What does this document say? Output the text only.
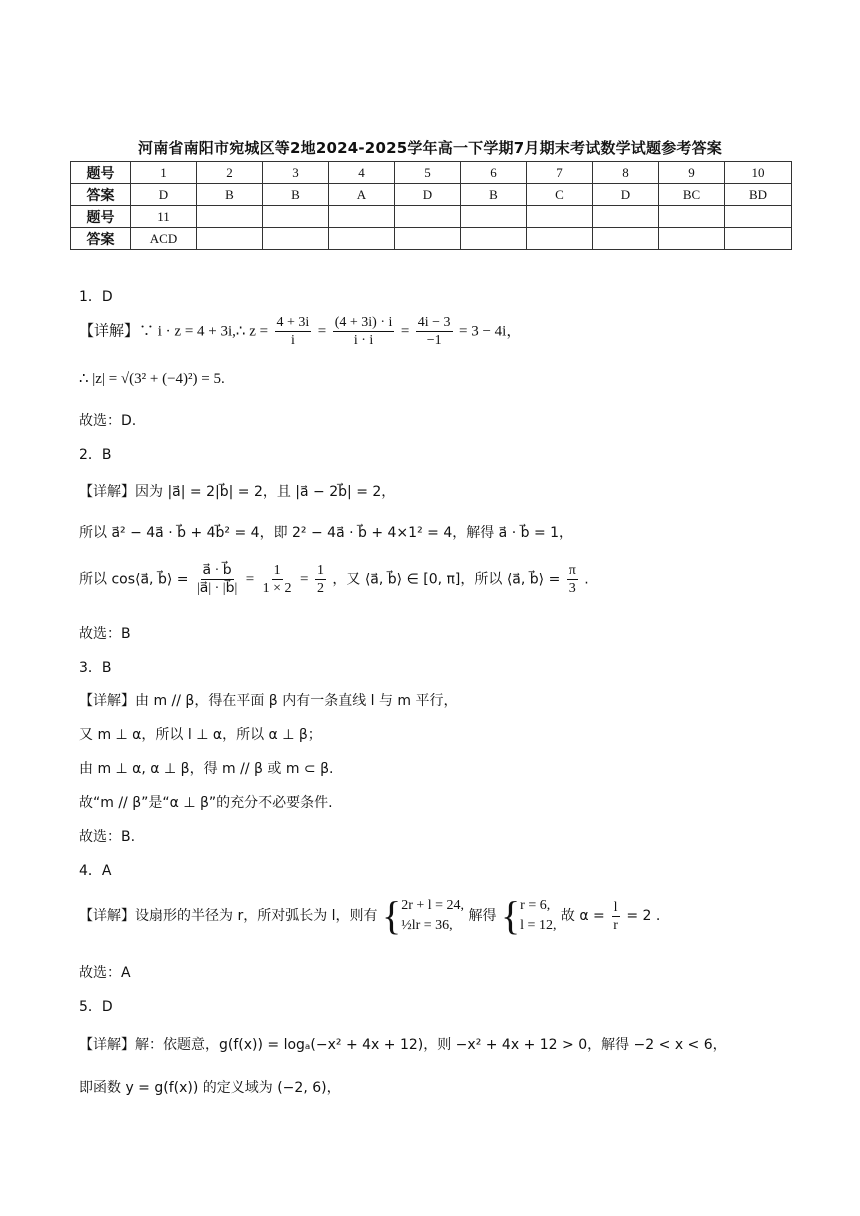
河南省南阳市宛城区等2地2024-2025学年高一下学期7月期末考试数学试题参考答案
题号	1	2	3	4	5	6	7	8	9	10
答案	D	B	B	A	D	B	C	D	BC	BD
题号	11									
答案	ACD									
1．D
【详解】∵ i · z = 4 + 3i,∴ $z = \frac{4 + 3i}{i} = \frac{(4 + 3i) \cdot i}{i \cdot i} = \frac{4i - 3}{-1} = 3 - 4i$，
∴ |z| = √(3² + (−4)²) = 5.
故选：D.
2．B
【详解】因为 |a⃗| = 2|b⃗| = 2，且 |a⃗ − 2b⃗| = 2，
所以 a⃗² − 4a⃗ · b⃗ + 4b⃗² = 4，即 2² − 4a⃗ · b⃗ + 4×1² = 4，解得 a⃗ · b⃗ = 1，
所以 cos⟨a⃗, b⃗⟩ = $\frac{a⃗ \cdot b⃗}{|a⃗| \cdot |b⃗|} = \frac{1}{1 \times 2} = \frac{1}{2}$ ，又 ⟨a⃗, b⃗⟩ ∈ [0, π]，所以 ⟨a⃗, b⃗⟩ = $\frac{\pi}{3}$ .
故选：B
3．B
【详解】由 m // β，得在平面 β 内有一条直线 l 与 m 平行，
又 m ⊥ α，所以 l ⊥ α，所以 α ⊥ β；
由 m ⊥ α, α ⊥ β，得 m // β 或 m ⊂ β.
故“m // β”是“α ⊥ β”的充分不必要条件.
故选：B.
4．A
【详解】设扇形的半径为 r，所对弧长为 l，则有 { 2r + l = 24,
½lr = 36,
解得 { r = 6,
l = 12,
故 $\alpha = \frac{l}{r} = 2$ .
故选：A
5．D
【详解】解：依题意，g(f(x)) = logₐ(−x² + 4x + 12)，则 −x² + 4x + 12 > 0，解得 −2 < x < 6，
即函数 y = g(f(x)) 的定义域为 (−2, 6)，
